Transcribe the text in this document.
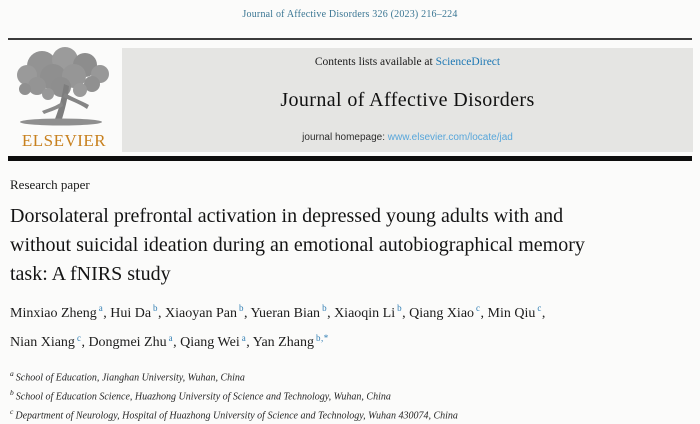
Journal of Affective Disorders 326 (2023) 216–224
ELSEVIER
Contents lists available at ScienceDirect
Journal of Affective Disorders
journal homepage: www.elsevier.com/locate/jad
Research paper
Dorsolateral prefrontal activation in depressed young adults with and
without suicidal ideation during an emotional autobiographical memory
task: A fNIRS study
Minxiao Zheng $^a$, Hui Da $^b$, Xiaoyan Pan $^b$, Yueran Bian $^b$, Xiaoqin Li $^b$, Qiang Xiao $^c$, Min Qiu $^c$,
Nian Xiang $^c$, Dongmei Zhu $^a$, Qiang Wei $^a$, Yan Zhang $^{b,*}$
$^a$ School of Education, Jianghan University, Wuhan, China
$^b$ School of Education Science, Huazhong University of Science and Technology, Wuhan, China
$^c$ Department of Neurology, Hospital of Huazhong University of Science and Technology, Wuhan 430074, China
